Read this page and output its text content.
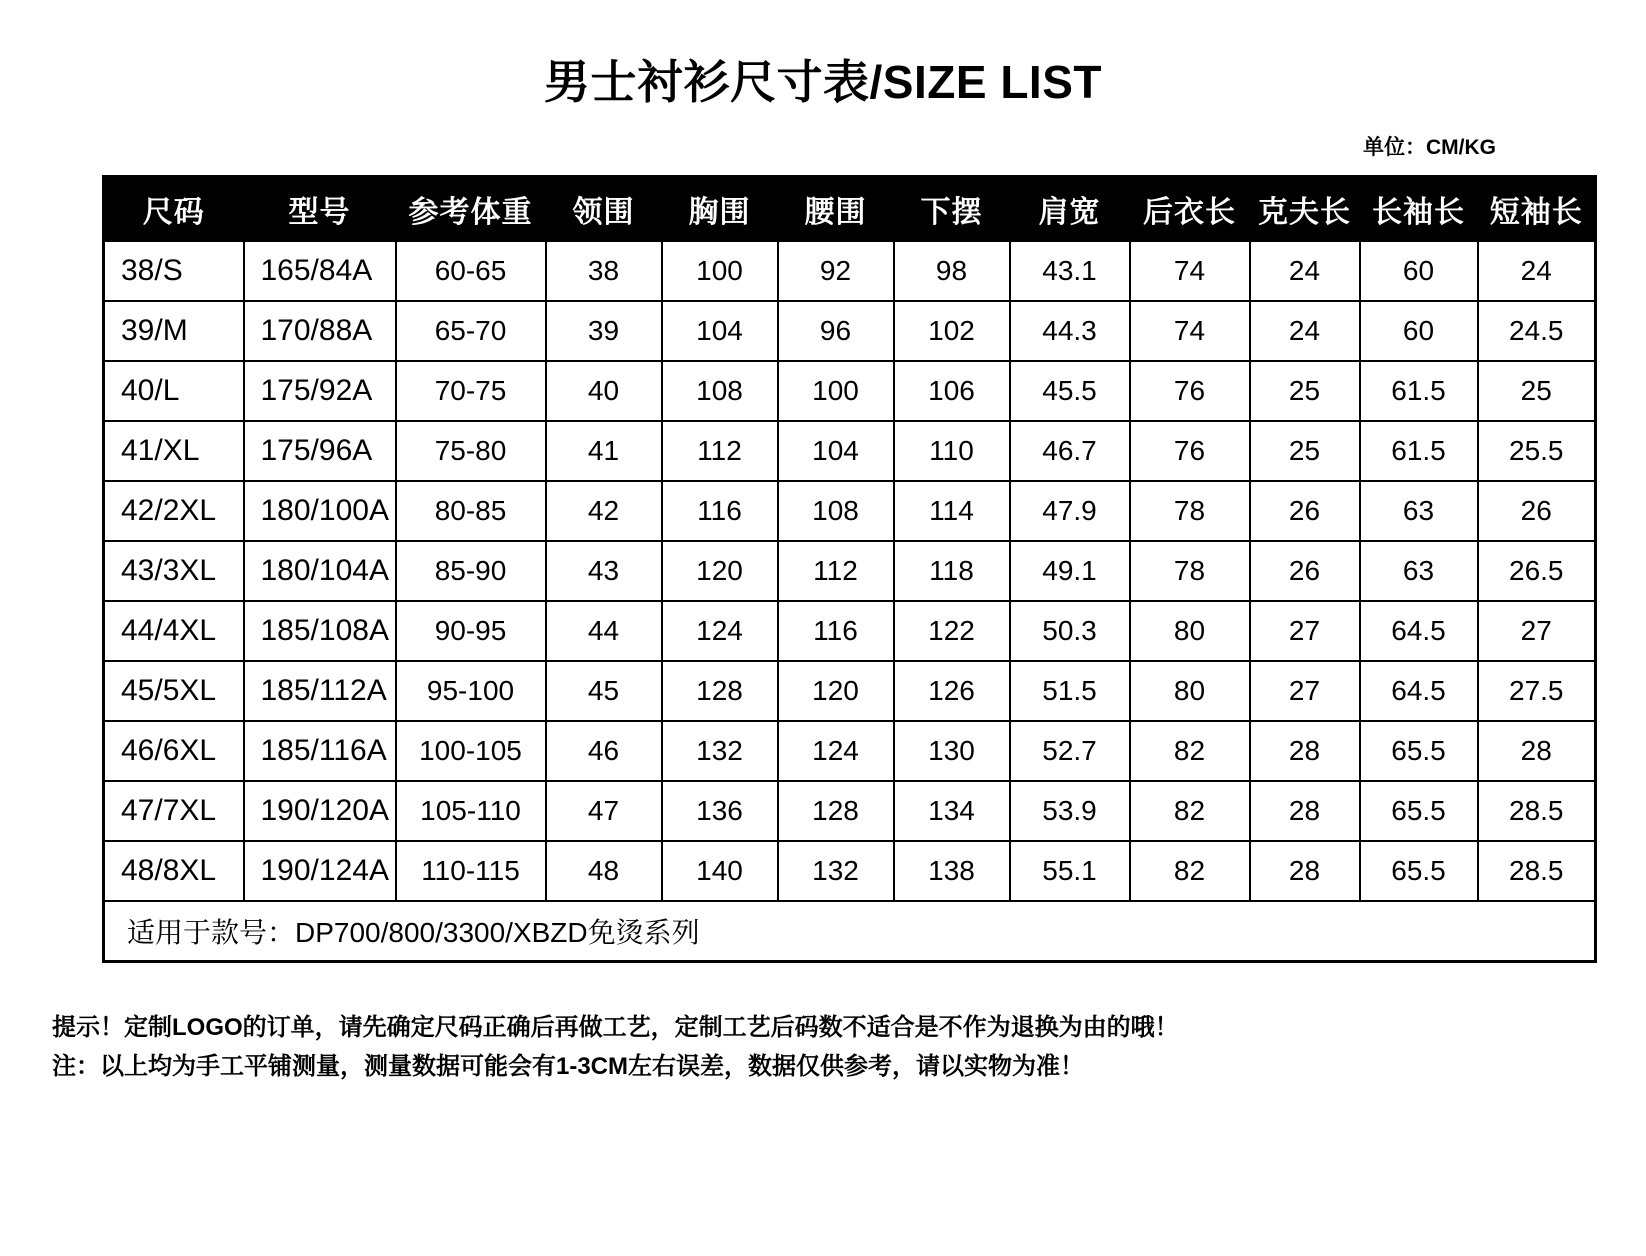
男士衬衫尺寸表/SIZE LIST
单位：CM/KG
尺码	型号	参考体重	领围	胸围	腰围	下摆	肩宽	后衣长	克夫长	长袖长	短袖长
38/S	165/84A	60-65	38	100	92	98	43.1	74	24	60	24
39/M	170/88A	65-70	39	104	96	102	44.3	74	24	60	24.5
40/L	175/92A	70-75	40	108	100	106	45.5	76	25	61.5	25
41/XL	175/96A	75-80	41	112	104	110	46.7	76	25	61.5	25.5
42/2XL	180/100A	80-85	42	116	108	114	47.9	78	26	63	26
43/3XL	180/104A	85-90	43	120	112	118	49.1	78	26	63	26.5
44/4XL	185/108A	90-95	44	124	116	122	50.3	80	27	64.5	27
45/5XL	185/112A	95-100	45	128	120	126	51.5	80	27	64.5	27.5
46/6XL	185/116A	100-105	46	132	124	130	52.7	82	28	65.5	28
47/7XL	190/120A	105-110	47	136	128	134	53.9	82	28	65.5	28.5
48/8XL	190/124A	110-115	48	140	132	138	55.1	82	28	65.5	28.5
适用于款号：DP700/800/3300/XBZD免烫系列											
提示！定制LOGO的订单，请先确定尺码正确后再做工艺，定制工艺后码数不适合是不作为退换为由的哦！
注：以上均为手工平铺测量，测量数据可能会有1-3CM左右误差，数据仅供参考，请以实物为准！
